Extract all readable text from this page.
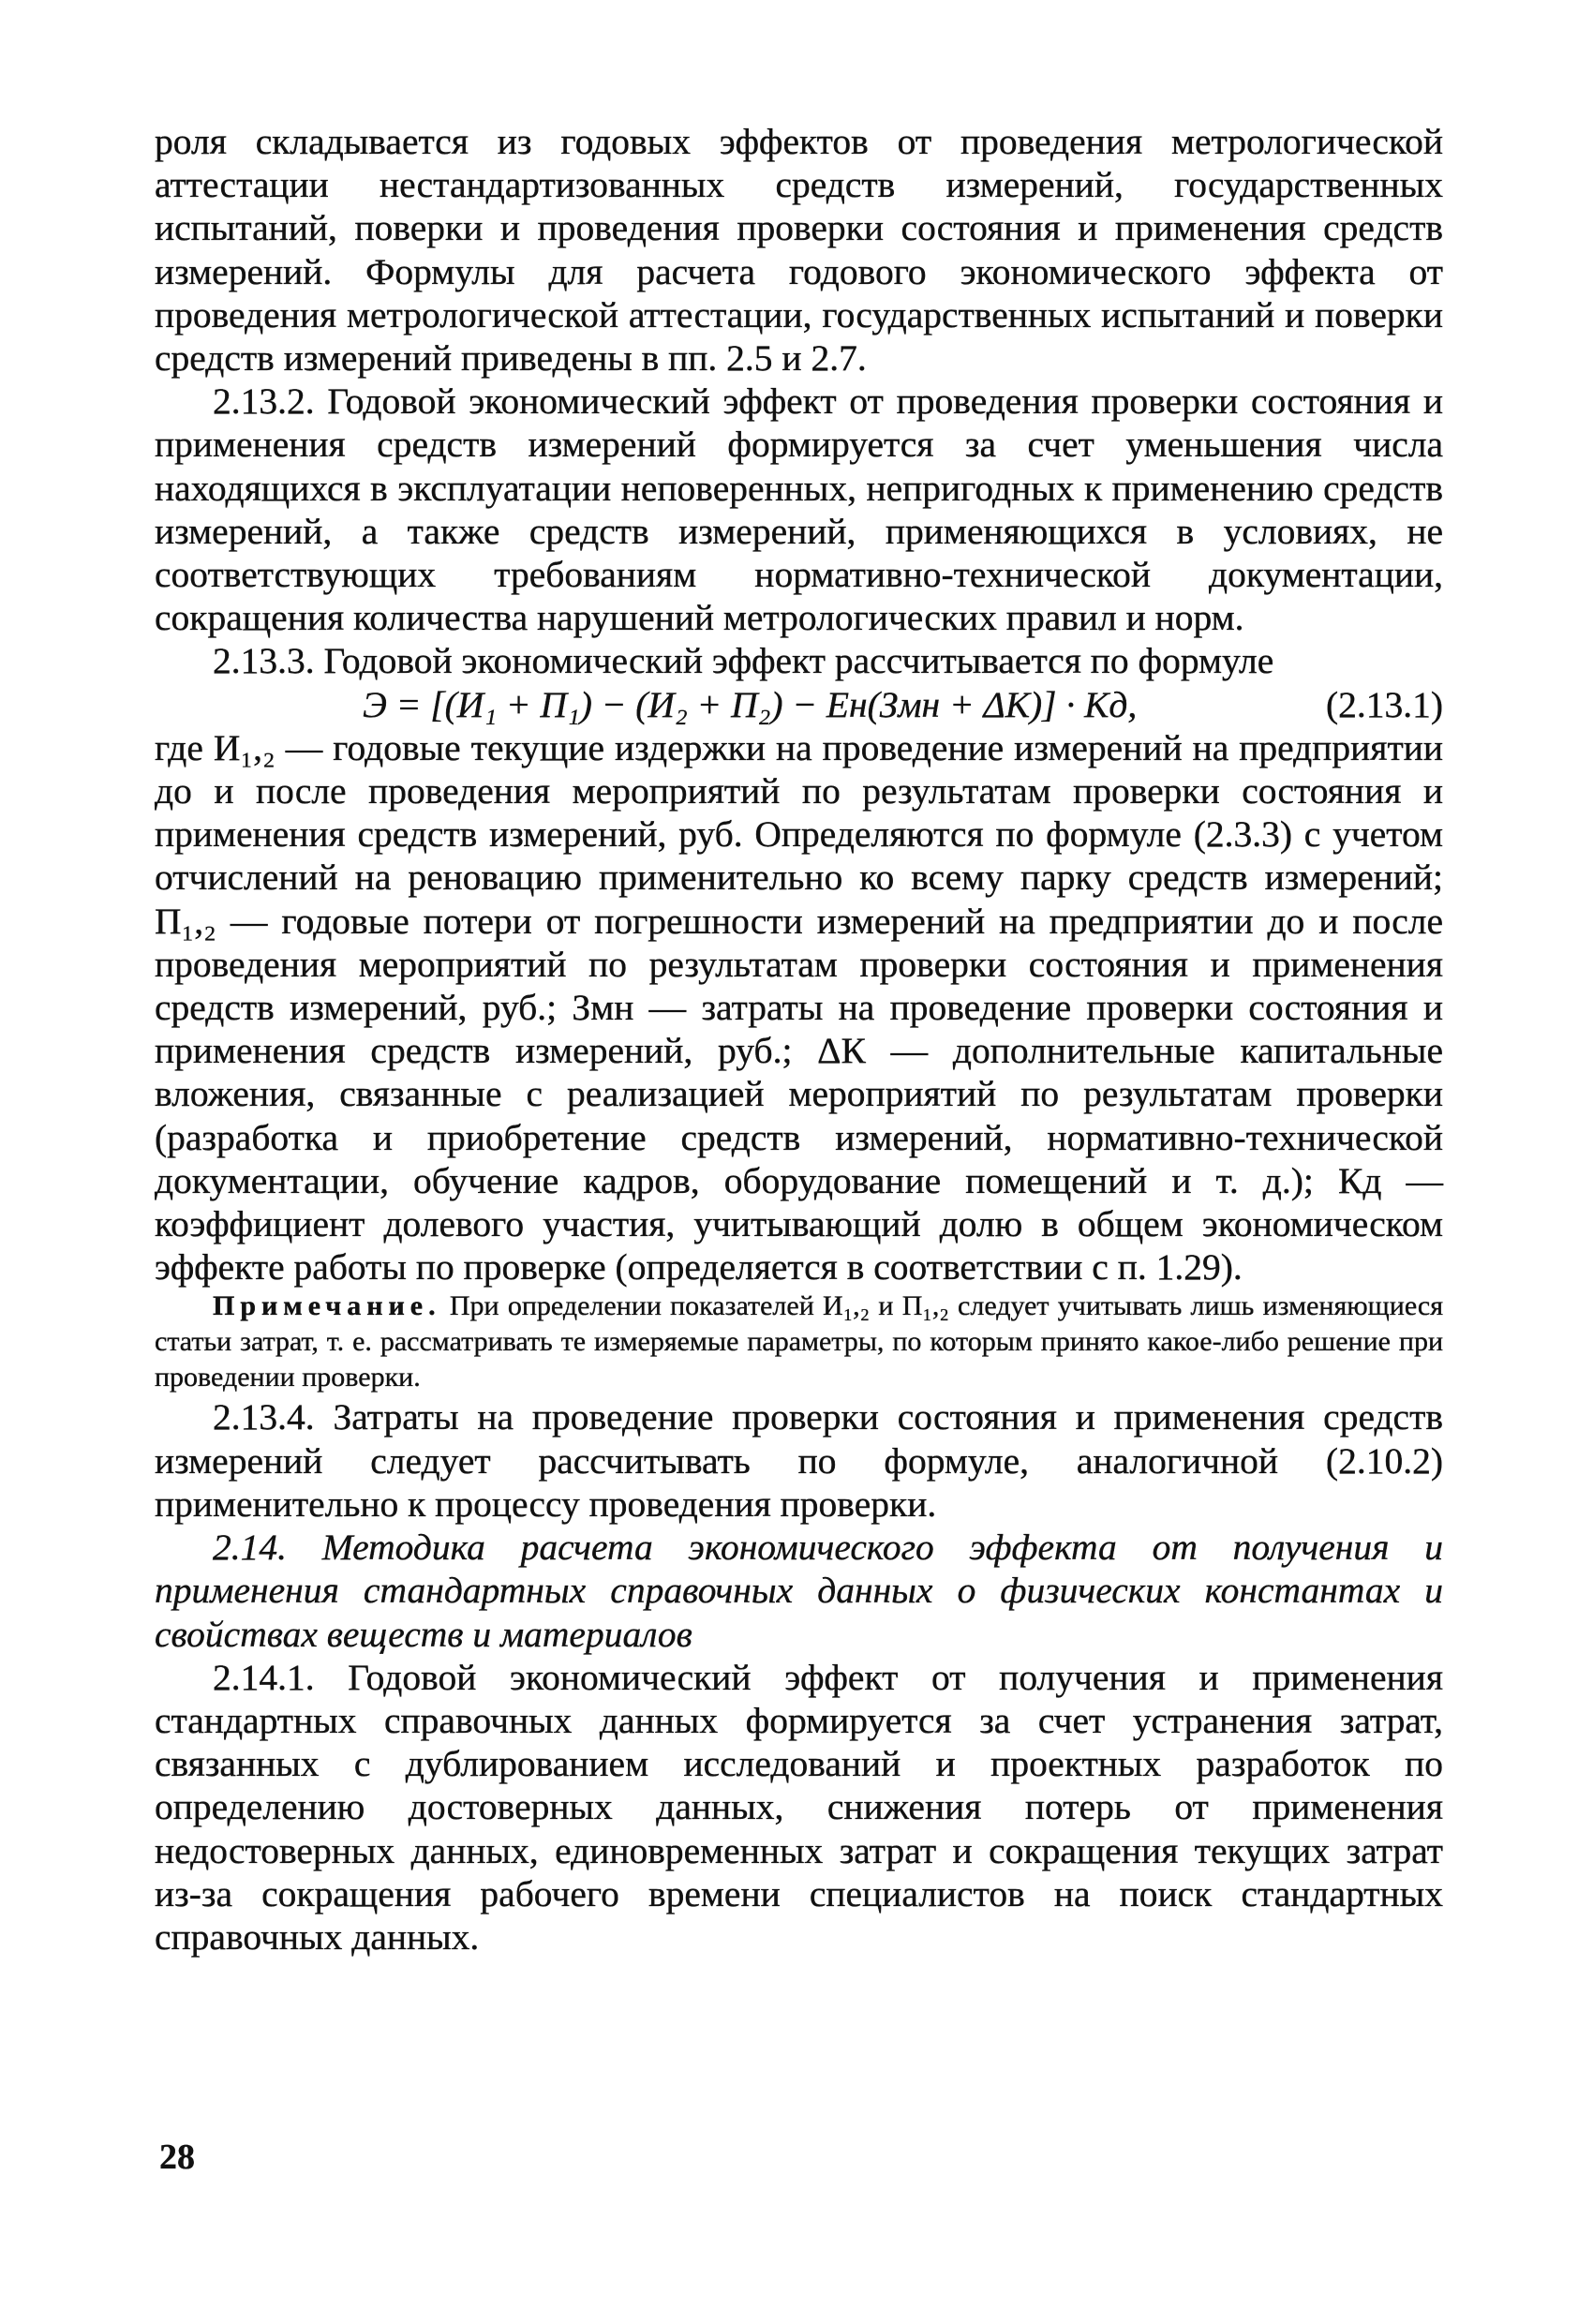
роля складывается из годовых эффектов от проведения метрологической аттестации нестандартизованных средств измерений, государственных испытаний, поверки и проведения проверки состояния и применения средств измерений. Формулы для расчета годового экономического эффекта от проведения метрологической аттестации, государственных испытаний и поверки средств измерений приведены в пп. 2.5 и 2.7.

2.13.2. Годовой экономический эффект от проведения проверки состояния и применения средств измерений формируется за счет уменьшения числа находящихся в эксплуатации неповеренных, непригодных к применению средств измерений, а также средств измерений, применяющихся в условиях, не соответствующих требованиям нормативно-технической документации, сокращения количества нарушений метрологических правил и норм.

2.13.3. Годовой экономический эффект рассчитывается по формуле

Э = [(И₁ + П₁) − (И₂ + П₂) − Ен(Змн + ΔК)] · Кд,	(2.13.1)

где И₁,₂ — годовые текущие издержки на проведение измерений на предприятии до и после проведения мероприятий по результатам проверки состояния и применения средств измерений, руб. Определяются по формуле (2.3.3) с учетом отчислений на реновацию применительно ко всему парку средств измерений; П₁,₂ — годовые потери от погрешности измерений на предприятии до и после проведения мероприятий по результатам проверки состояния и применения средств измерений, руб.; Змн — затраты на проведение проверки состояния и применения средств измерений, руб.; ΔК — дополнительные капитальные вложения, связанные с реализацией мероприятий по результатам проверки (разработка и приобретение средств измерений, нормативно-технической документации, обучение кадров, оборудование помещений и т. д.); Кд — коэффициент долевого участия, учитывающий долю в общем экономическом эффекте работы по проверке (определяется в соответствии с п. 1.29).

Примечание. При определении показателей И₁,₂ и П₁,₂ следует учитывать лишь изменяющиеся статьи затрат, т. е. рассматривать те измеряемые параметры, по которым принято какое-либо решение при проведении проверки.

2.13.4. Затраты на проведение проверки состояния и применения средств измерений следует рассчитывать по формуле, аналогичной (2.10.2) применительно к процессу проведения проверки.

2.14. Методика расчета экономического эффекта от получения и применения стандартных справочных данных о физических константах и свойствах веществ и материалов

2.14.1. Годовой экономический эффект от получения и применения стандартных справочных данных формируется за счет устранения затрат, связанных с дублированием исследований и проектных разработок по определению достоверных данных, снижения потерь от применения недостоверных данных, единовременных затрат и сокращения текущих затрат из-за сокращения рабочего времени специалистов на поиск стандартных справочных данных.

28
